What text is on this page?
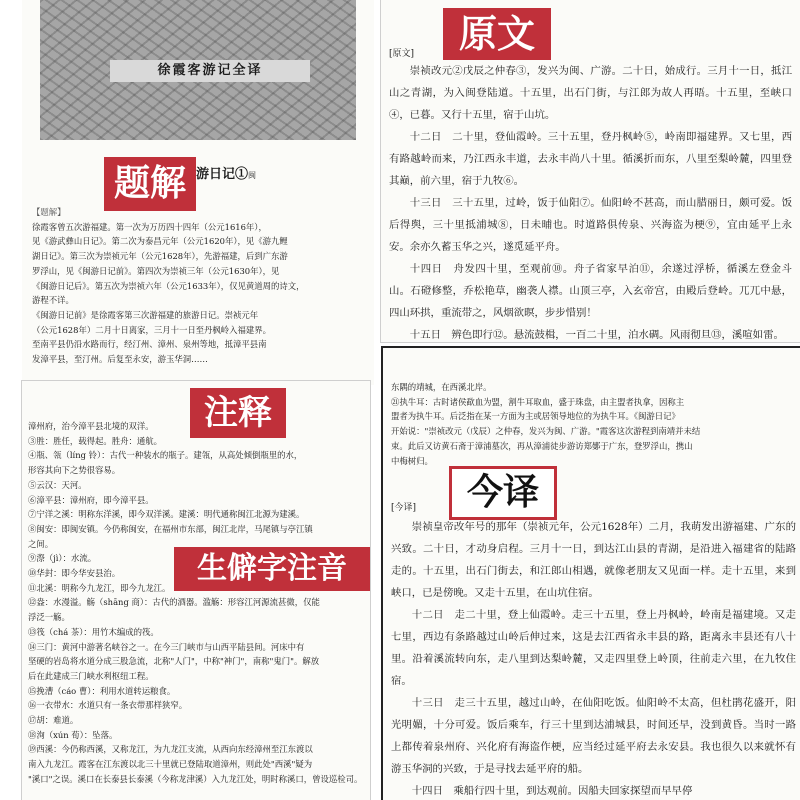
徐霞客游记全译
游日记①闽

【题解】

徐霞客曾五次游福建。第一次为万历四十四年（公元1616年），

见《游武彝山日记》。第二次为泰昌元年（公元1620年），见《游九鲤

湖日记》。第三次为崇祯元年（公元1628年），先游福建，后到广东游

罗浮山，见《闽游日记前》。第四次为崇祯三年（公元1630年），见

《闽游日记后》。第五次为崇祯六年（公元1633年），仅见黄道周的诗文，

游程不详。

《闽游日记前》是徐霞客第三次游福建的旅游日记。崇祯元年

（公元1628年）二月十日离家，三月十一日至丹枫岭入福建界。

至南平县仍沿水路而行，经汀州、漳州、泉州等地，抵漳平县南

发漳平县，至汀州。后复至永安，游玉华洞……

题解
原文
[原文]

崇祯改元②戊辰之仲春③，发兴为闽、广游。二十日，始成行。三月十一日，抵江山之青湖，为入闽登陆道。十五里，出石门街，与江郎为故人再晤。十五里，至峡口④，已暮。又行十五里，宿于山坑。

十二日　二十里，登仙霞岭。三十五里，登丹枫岭⑤，岭南即福建界。又七里，西有路越岭而来，乃江西永丰道，去永丰尚八十里。循溪折而东，八里至梨岭麓，四里登其巅，前六里，宿于九牧⑥。

十三日　三十五里，过岭，饭于仙阳⑦。仙阳岭不甚高，而山腊丽日，颇可爱。饭后得舆，三十里抵浦城⑧，日未晡也。时道路俱传泉、兴海盗为梗⑨，宜由延平上永安。余亦久蓄玉华之兴，遂觅延平舟。

十四日　舟发四十里，至观前⑩。舟子省家早泊⑪，余遂过浮桥，循溪左登金斗山。石磴修整，乔松艳草，幽袭人襟。山顶三亭，入玄帝宫，由殿后登岭。兀兀中悬，四山环拱，重流带之，风烟欲暝，步步惜别！

十五日　辨色即行⑫。悬流鼓楫，一百二十里，泊水碉。风雨彻旦⑬，溪喧如雷。

漳州府，治今漳平县北境的双洋。

③胜：胜任，载得起。胜舟：通航。

④瓶、瓴（líng 铃）：古代一种装水的瓶子。建瓴，从高处倾倒瓶里的水，

形容其向下之势很容易。

⑤云汉：天河。

⑥漳平县：漳州府，即今漳平县。

⑦宁洋之溪：明称东洋溪，即今双洋溪。建溪：明代通称闽江北源为建溪。

⑧闽安：即闽安镇。今仍称闽安，在福州市东部，闽江北岸，马尾镇与亭江镇

之间。

⑨漈（jì）：水流。

⑩华封：即今华安县治。

⑪北溪：明称今九龙江，即今九龙江。

⑫盎：水漫溢。觞（shāng 商）：古代的酒器。滥觞：形容江河源流甚微，仅能

浮泛一觞。

⑬筏（chá 茶）：用竹木编成的筏。

⑭三门：黄河中游著名峡谷之一。在今三门峡市与山西平陆县间。河床中有

坚硬的岩岛将水道分成三股急流，北称"人门"，中称"神门"，南称"鬼门"。解放

后在此建成三门峡水利枢纽工程。

⑮挽漕（cáo 曹）：利用水道转运粮食。

⑯一衣带水：水道只有一条衣带那样狭窄。

⑰胡：难道。

⑱洵（xún 荀）：坠落。

⑲西溪：今仍称西溪，又称龙江，为九龙江支流，从西向东经漳州至江东渡以

南入九龙江。霞客在江东渡以北三十里就已登陆取道漳州，则此处"西溪"疑为

"溪口"之误。溪口在长泰县长泰溪（今称龙津溪）入九龙江处，明时称溪口，曾设巡检司。

注释
生僻字注音

东隅的靖城，在西溪北岸。

㉑执牛耳：古时诸侯歃血为盟，割牛耳取血，盛于珠盘，由主盟者执拿，因称主

盟者为执牛耳。后泛指在某一方面为主或居领导地位的为执牛耳。《闽游日记》

开始说："崇祯改元（戊辰）之仲春，发兴为闽、广游。"霞客这次游程到南靖并未结

束。此后又访黄石斋于漳浦墓次，再从漳浦徒步游访郑鄤于广东，登罗浮山，携山

中梅树归。

[今译]

崇祯皇帝改年号的那年（崇祯元年，公元1628年）二月，我萌发出游福建、广东的兴致。二十日，才动身启程。三月十一日，到达江山县的青湖，是沿进入福建省的陆路走的。十五里，出石门街去，和江郎山相遇，就像老朋友又见面一样。走十五里，来到峡口，已是傍晚。又走十五里，在山坑住宿。

十二日　走二十里，登上仙霞岭。走三十五里，登上丹枫岭，岭南是福建境。又走七里，西边有条路越过山岭后伸过来，这是去江西省永丰县的路，距离永丰县还有八十里。沿着溪流转向东，走八里到达梨岭麓，又走四里登上岭顶，往前走六里，在九牧住宿。

十三日　走三十五里，越过山岭，在仙阳吃饭。仙阳岭不太高，但杜鹃花盛开，阳光明媚，十分可爱。饭后乘车，行三十里到达浦城县，时间还早，没到黄昏。当时一路上都传着泉州府、兴化府有海盗作梗，应当经过延平府去永安县。我也很久以来就怀有游玉华洞的兴致，于是寻找去延平府的船。

十四日　乘船行四十里，到达观前。因船夫回家探望而早早停

今译
